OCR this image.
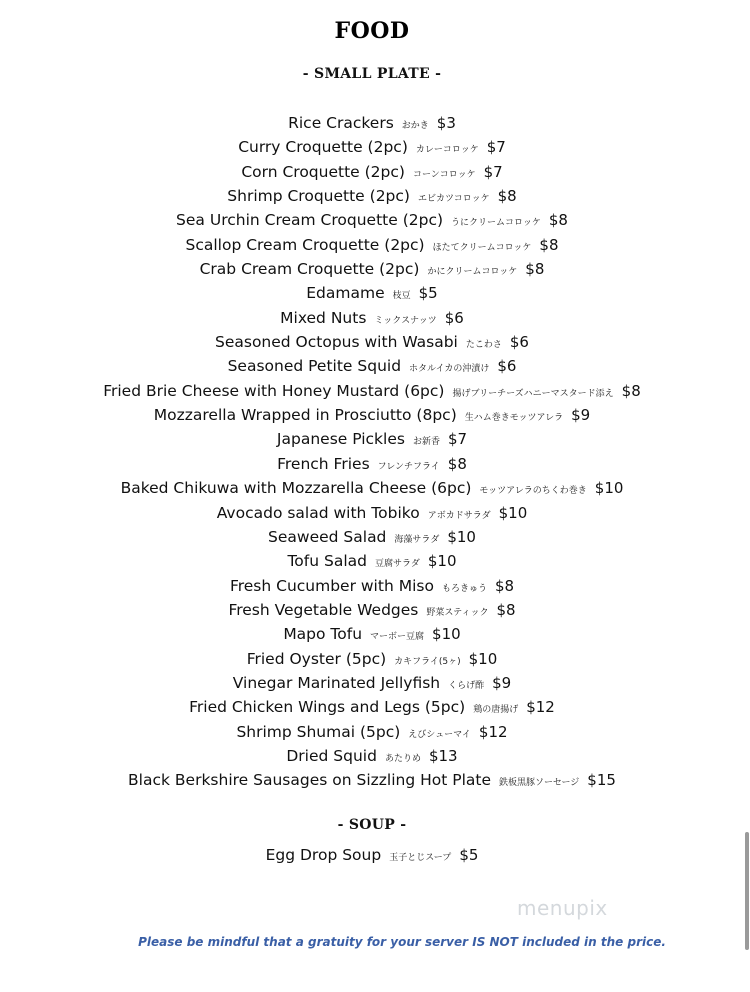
FOOD
- SMALL PLATE -
Rice Crackers おかき $3
Curry Croquette (2pc) カレーコロッケ $7
Corn Croquette (2pc) コーンコロッケ $7
Shrimp Croquette (2pc) エビカツコロッケ $8
Sea Urchin Cream Croquette (2pc) うにクリームコロッケ $8
Scallop Cream Croquette (2pc) ほたてクリームコロッケ $8
Crab Cream Croquette (2pc) かにクリームコロッケ $8
Edamame 枝豆 $5
Mixed Nuts ミックスナッツ $6
Seasoned Octopus with Wasabi たこわさ $6
Seasoned Petite Squid ホタルイカの沖漬け $6
Fried Brie Cheese with Honey Mustard (6pc) 揚げブリーチーズハニーマスタード添え $8
Mozzarella Wrapped in Prosciutto (8pc) 生ハム巻きモッツアレラ $9
Japanese Pickles お新香 $7
French Fries フレンチフライ $8
Baked Chikuwa with Mozzarella Cheese (6pc) モッツアレラのちくわ巻き $10
Avocado salad with Tobiko アボカドサラダ $10
Seaweed Salad 海藻サラダ $10
Tofu Salad 豆腐サラダ $10
Fresh Cucumber with Miso もろきゅう $8
Fresh Vegetable Wedges 野菜スティック $8
Mapo Tofu マーボー豆腐 $10
Fried Oyster (5pc) カキフライ(5ヶ) $10
Vinegar Marinated Jellyfish くらげ酢 $9
Fried Chicken Wings and Legs (5pc) 鶏の唐揚げ $12
Shrimp Shumai (5pc) えびシューマイ $12
Dried Squid あたりめ $13
Black Berkshire Sausages on Sizzling Hot Plate 鉄板黒豚ソーセージ $15
- SOUP -
Egg Drop Soup 玉子とじスープ $5
menupix
Please be mindful that a gratuity for your server IS NOT included in the price.
